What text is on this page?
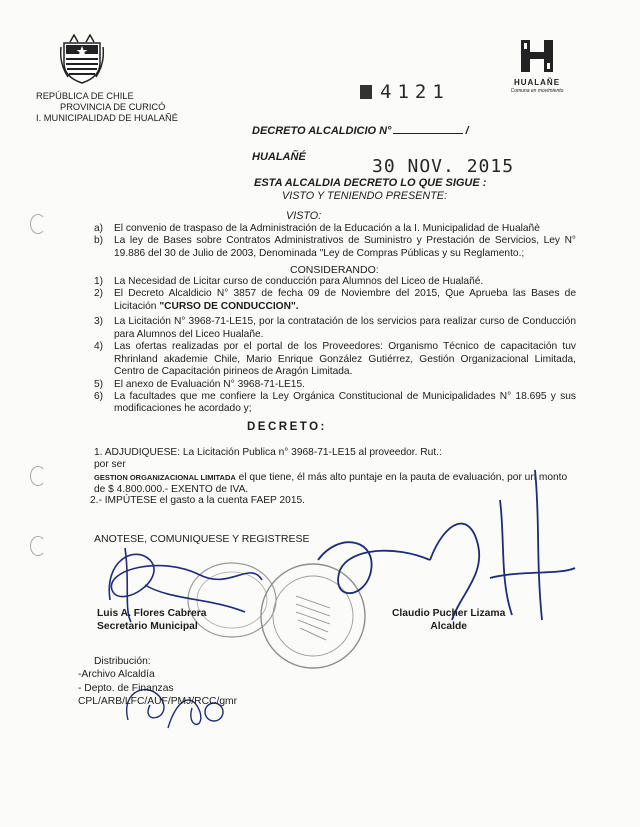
REPÚBLICA DE CHILE
PROVINCIA DE CURICÓ
I. MUNICIPALIDAD DE HUALAÑÉ
HUALAÑE
Comuna en movimiento
4121
DECRETO ALCALDICIO N°	/
HUALAÑÉ	30 NOV. 2015
ESTA ALCALDIA DECRETO LO QUE SIGUE :
VISTO Y TENIENDO PRESENTE:
VISTO:
a)	El convenio de traspaso de la Administración de la Educación a la I. Municipalidad de Hualañè
b)	La ley de Bases sobre Contratos Administrativos de Suministro y Prestación de Servicios, Ley N° 19.886 del 30 de Julio de 2003, Denominada "Ley de Compras Públicas y su Reglamento.;
CONSIDERANDO:
1)	La Necesidad de Licitar curso de conducción para Alumnos del Liceo de Hualañé.
2)	El Decreto Alcaldicio N° 3857 de fecha 09 de Noviembre del 2015, Que Aprueba las Bases de Licitación "CURSO DE CONDUCCION".
3)	La Licitación N° 3968-71-LE15, por la contratación de los servicios para realizar curso de Conducción para Alumnos del Liceo Hualañe.
4)	Las ofertas realizadas por el portal de los Proveedores: Organismo Técnico de capacitación tuv Rhrinland akademie Chile, Mario Enrique González Gutiérrez, Gestión Organizacional Limitada, Centro de Capacitación pirineos de Aragón Limitada.
5)	El anexo de Evaluación N° 3968-71-LE15.
6)	La facultades que me confiere la Ley Orgánica Constitucional de Municipalidades N° 18.695 y sus modificaciones he acordado y;
DECRETO:
1. ADJUDIQUESE: La Licitación Publica n° 3968-71-LE15 al proveedor. Rut.:por ser
GESTION ORGANIZACIONAL LIMITADA el que tiene, él más alto puntaje en la pauta de evaluación, por un monto de $ 4.800.000.- EXENTO de IVA.
2.- IMPÚTESE el gasto a la cuenta FAEP 2015.
ANOTESE, COMUNIQUESE Y REGISTRESE
Luis A. Flores Cabrera
Secretario Municipal
Claudio Pucher Lizama
Alcalde
Distribución:
-Archivo Alcaldía
- Depto. de Finanzas
CPL/ARB/LFC/AUF/PMJ/RCC/gmr
